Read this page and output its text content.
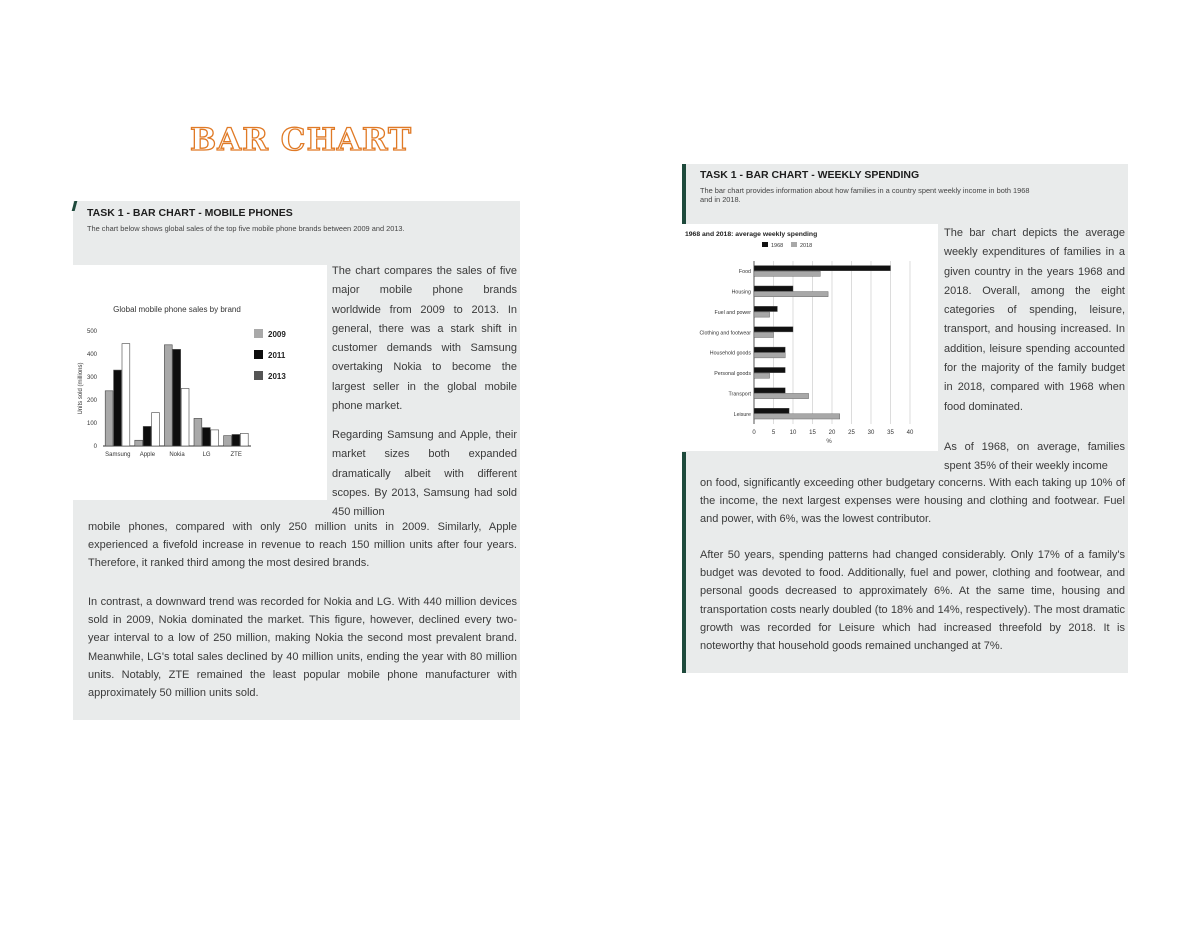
BAR CHART
TASK 1 - BAR CHART - MOBILE PHONES
The chart below shows global sales of the top five mobile phone brands between 2009 and 2013.
Global mobile phone sales by brand
Units sold (millions)
0
100
200
300
400
500
Samsung Apple Nokia	LG	ZTE
2009
2011
2013
The chart compares the sales of five major mobile phone brands worldwide from 2009 to 2013. In general, there was a stark shift in customer demands with Samsung overtaking Nokia to become the largest seller in the global mobile phone market.
Regarding Samsung and Apple, their market sizes both expanded dramatically albeit with different scopes. By 2013, Samsung had sold 450 million
mobile phones, compared with only 250 million units in 2009. Similarly, Apple experienced a fivefold increase in revenue to reach 150 million units after four years. Therefore, it ranked third among the most desired brands.
In contrast, a downward trend was recorded for Nokia and LG. With 440 million devices sold in 2009, Nokia dominated the market. This figure, however, declined every two-year interval to a low of 250 million, making Nokia the second most prevalent brand. Meanwhile, LG's total sales declined by 40 million units, ending the year with 80 million units. Notably, ZTE remained the least popular mobile phone manufacturer with approximately 50 million units sold.
TASK 1 - BAR CHART - WEEKLY SPENDING
The bar chart provides information about how families in a country spent weekly income in both 1968
and in 2018.
1968 and 2018: average weekly spending
1968	2018
0	5 10 15 20 25 30 35 40
%
Food
Housing
Fuel and power
Clothing and footwear
Household goods
Personal goods
Transport
Leisure
The bar chart depicts the average weekly expenditures of families in a given country in the years 1968 and 2018. Overall, among the eight categories of spending, leisure, transport, and housing increased. In addition, leisure spending accounted for the majority of the family budget in 2018, compared with 1968 when food dominated.
As of 1968, on average, families spent 35% of their weekly income
on food, significantly exceeding other budgetary concerns. With each taking up 10% of the income, the next largest expenses were housing and clothing and footwear. Fuel and power, with 6%, was the lowest contributor.
After 50 years, spending patterns had changed considerably. Only 17% of a family's budget was devoted to food. Additionally, fuel and power, clothing and footwear, and personal goods decreased to approximately 6%. At the same time, housing and transportation costs nearly doubled (to 18% and 14%, respectively). The most dramatic growth was recorded for Leisure which had increased threefold by 2018. It is noteworthy that household goods remained unchanged at 7%.
